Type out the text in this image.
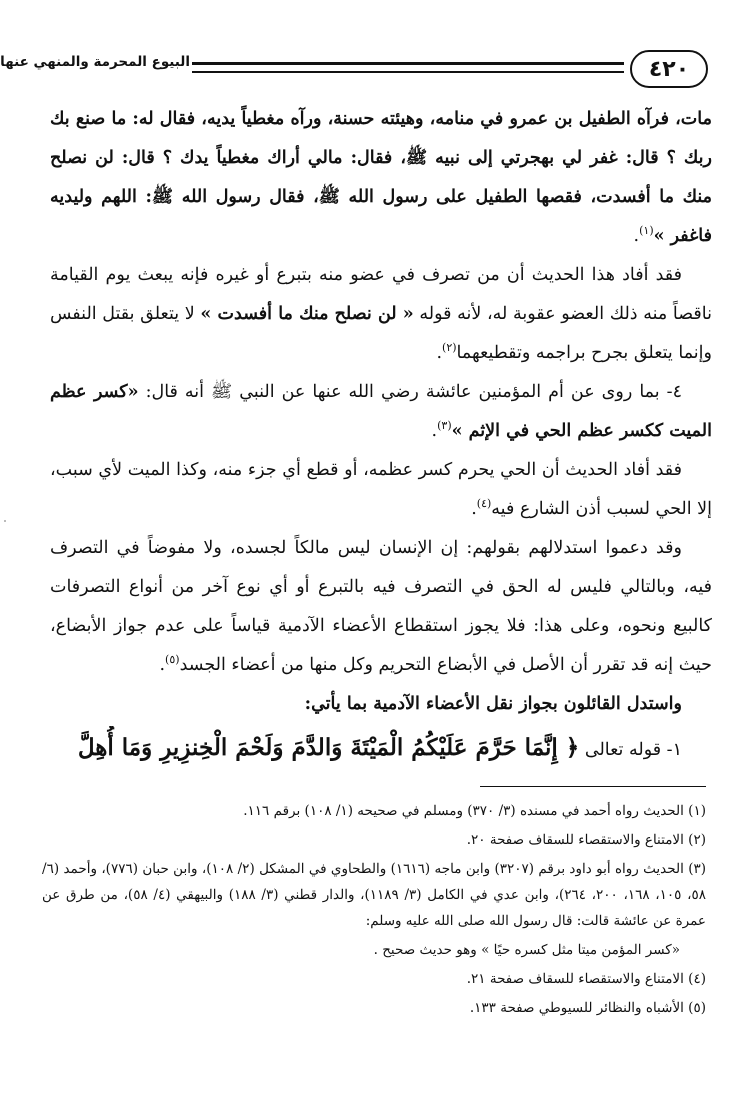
٤٢٠
البيوع المحرمة والمنهي عنها

مات، فرآه الطفيل بن عمرو في منامه، وهيئته حسنة، ورآه مغطياً يديه، فقال له: ما صنع بك ربك ؟ قال: غفر لي بهجرتي إلى نبيه ﷺ، فقال: مالي أراك مغطياً يدك ؟ قال: لن نصلح منك ما أفسدت، فقصها الطفيل على رسول الله ﷺ، فقال رسول الله ﷺ: اللهم وليديه فاغفر »$^{(١)}$.

فقد أفاد هذا الحديث أن من تصرف في عضو منه بتبرع أو غيره فإنه يبعث يوم القيامة ناقصاً منه ذلك العضو عقوبة له، لأنه قوله « لن نصلح منك ما أفسدت » لا يتعلق بقتل النفس وإنما يتعلق بجرح براجمه وتقطيعهما$^{(٢)}$.

٤- بما روى عن أم المؤمنين عائشة رضي الله عنها عن النبي ﷺ أنه قال: «كسر عظم الميت ككسر عظم الحي في الإثم »$^{(٣)}$.

فقد أفاد الحديث أن الحي يحرم كسر عظمه، أو قطع أي جزء منه، وكذا الميت لأي سبب، إلا الحي لسبب أذن الشارع فيه$^{(٤)}$.

وقد دعموا استدلالهم بقولهم: إن الإنسان ليس مالكاً لجسده، ولا مفوضاً في التصرف فيه، وبالتالي فليس له الحق في التصرف فيه بالتبرع أو أي نوع آخر من أنواع التصرفات كالبيع ونحوه، وعلى هذا: فلا يجوز استقطاع الأعضاء الآدمية قياساً على عدم جواز الأبضاع، حيث إنه قد تقرر أن الأصل في الأبضاع التحريم وكل منها من أعضاء الجسد$^{(٥)}$.

واستدل القائلون بجواز نقل الأعضاء الآدمية بما يأتي:

١- قوله تعالى ﴿ إِنَّمَا حَرَّمَ عَلَيْكُمُ الْمَيْتَةَ وَالدَّمَ وَلَحْمَ الْخِنزِيرِ وَمَا أُهِلَّ

(١) الحديث رواه أحمد في مسنده (٣/ ٣٧٠) ومسلم في صحيحه (١/ ١٠٨) برقم ١١٦.

(٢) الامتناع والاستقصاء للسقاف صفحة ٢٠.

(٣) الحديث رواه أبو داود برقم (٣٢٠٧) وابن ماجه (١٦١٦) والطحاوي في المشكل (٢/ ١٠٨)، وابن حبان (٧٧٦)، وأحمد (٦/ ٥٨، ١٠٥، ١٦٨، ٢٠٠، ٢٦٤)، وابن عدي في الكامل (٣/ ١١٨٩)، والدار قطني (٣/ ١٨٨) والبيهقي (٤/ ٥٨)، من طرق عن عمرة عن عائشة قالت: قال رسول الله صلى الله عليه وسلم:

«كسر المؤمن ميتا مثل كسره حيًا » وهو حديث صحيح .

(٤) الامتناع والاستقصاء للسقاف صفحة ٢١.

(٥) الأشباه والنظائر للسيوطي صفحة ١٣٣.
